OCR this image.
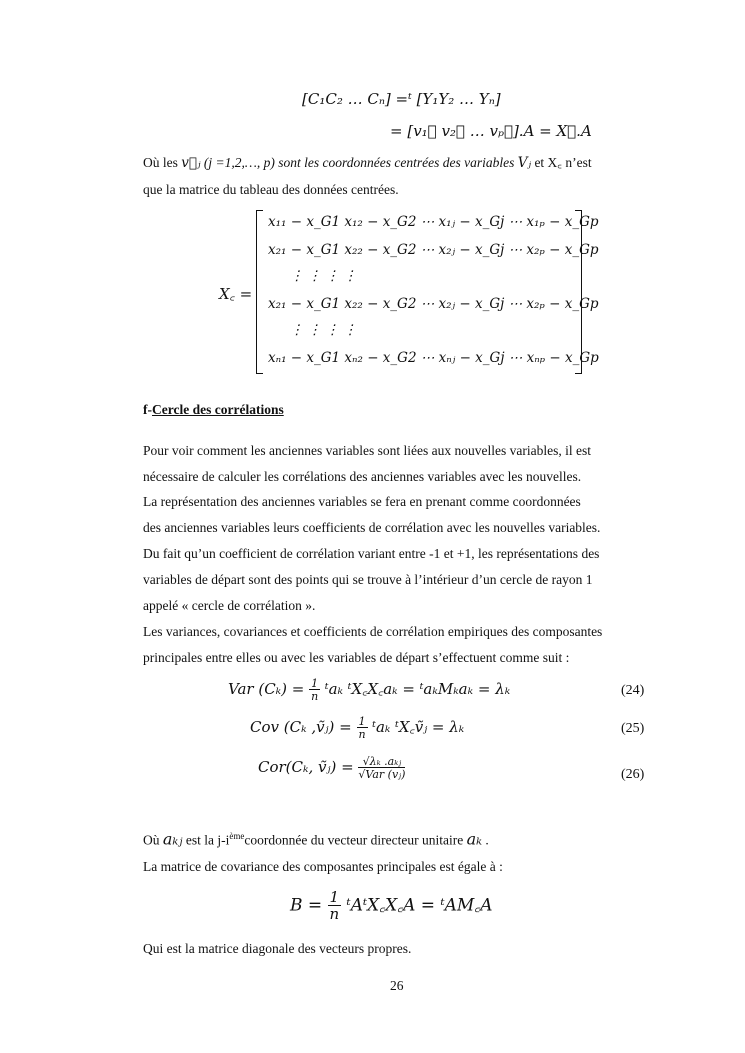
[C₁C₂ … Cₙ] =ᵗ [Y₁Y₂ … Yₙ]
= [v₁⃗ v₂⃗ … vₚ⃗].A = X꜀.A
Où les v⃗ⱼ (j =1,2,…, p) sont les coordonnées centrées des variables Vⱼ et X꜀ n’est
que la matrice du tableau des données centrées.
X꜀ =
x₁₁ − x_G1 x₁₂ − x_G2 ⋯ x₁ⱼ − x_Gj ⋯ x₁ₚ − x_Gp
x₂₁ − x_G1 x₂₂ − x_G2 ⋯ x₂ⱼ − x_Gj ⋯ x₂ₚ − x_Gp
⋮ ⋮ ⋮ ⋮
x₂₁ − x_G1 x₂₂ − x_G2 ⋯ x₂ⱼ − x_Gj ⋯ x₂ₚ − x_Gp
⋮ ⋮ ⋮ ⋮
xₙ₁ − x_G1 xₙ₂ − x_G2 ⋯ xₙⱼ − x_Gj ⋯ xₙₚ − x_Gp
f-Cercle des corrélations
Pour voir comment les anciennes variables sont liées aux nouvelles variables, il est
nécessaire de calculer les corrélations des anciennes variables avec les nouvelles.
La représentation des anciennes variables se fera en prenant comme coordonnées
des anciennes variables leurs coefficients de corrélation avec les nouvelles variables.
Du fait qu’un coefficient de corrélation variant entre -1 et +1, les représentations des
variables de départ sont des points qui se trouve à l’intérieur d’un cercle de rayon 1
appelé « cercle de corrélation ».
Les variances, covariances et coefficients de corrélation empiriques des composantes
principales entre elles ou avec les variables de départ s’effectuent comme suit :
Var $(C_k) = \frac{1}{n}$ ᵗaₖ ᵗX꜀X꜀aₖ = ᵗaₖMₖaₖ = λₖ	(24)
Cov (Cₖ ,ṽⱼ) = $\frac{1}{n}$ ᵗaₖ ᵗX꜀ṽⱼ = λₖ	(25)
Cor(Cₖ, ṽⱼ) = $\frac{\text{√λₖ .aₖⱼ}}{\text{√Var (vⱼ)}}$	(26)
Où aₖⱼ est la $j-i^{ème}coordonnée$ du vecteur directeur unitaire aₖ .
La matrice de covariance des composantes principales est égale à :
$B = \frac{1}{n}$ ᵗAᵗX꜀X꜀A = ᵗAM꜀A
Qui est la matrice diagonale des vecteurs propres.
26
